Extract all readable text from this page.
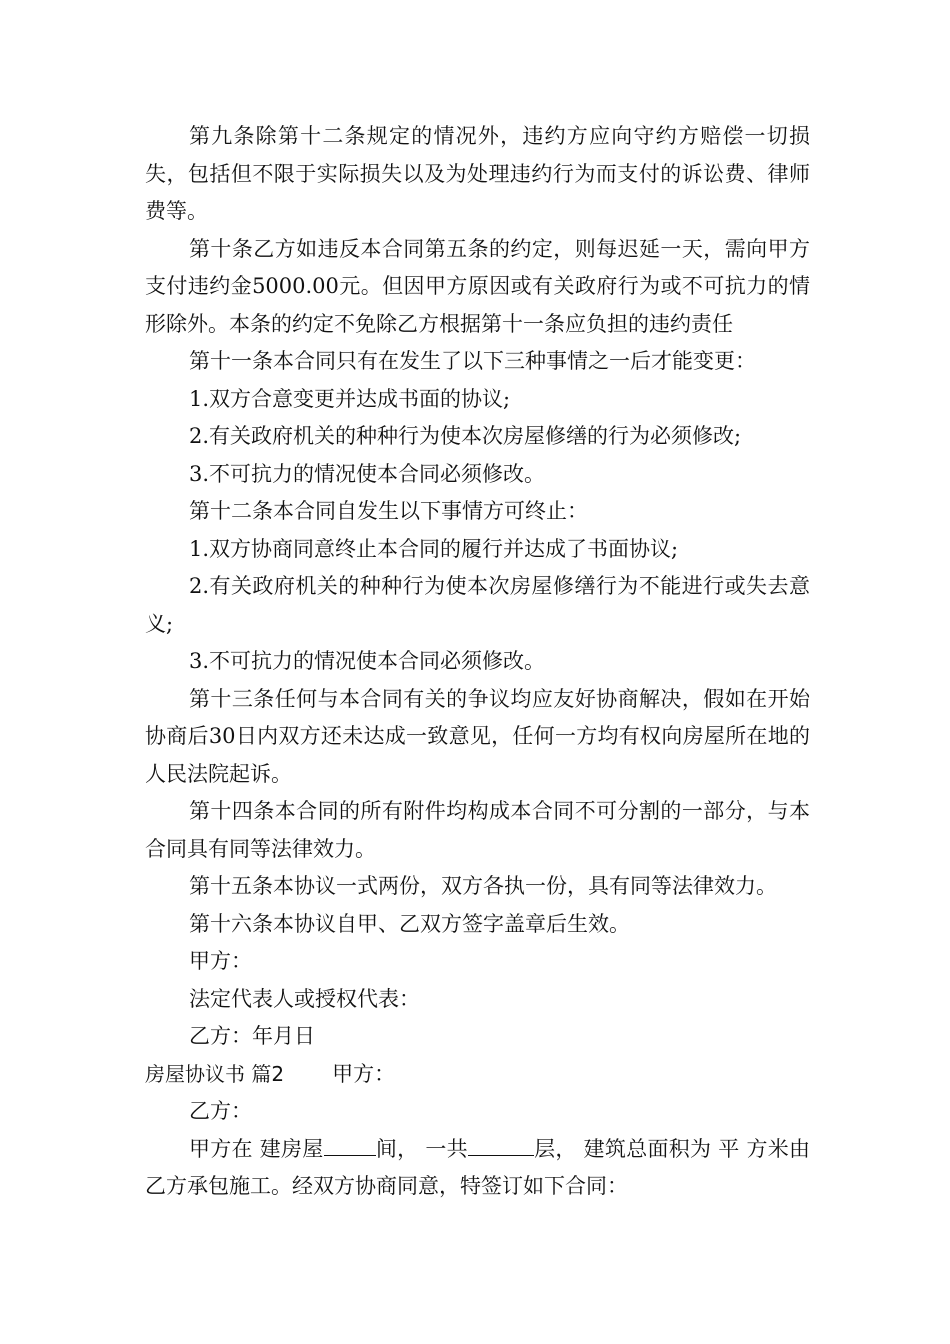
第九条除第十二条规定的情况外，违约方应向守约方赔偿一切损失，包括但不限于实际损失以及为处理违约行为而支付的诉讼费、律师费等。

第十条乙方如违反本合同第五条的约定，则每迟延一天，需向甲方支付违约金5000.00元。但因甲方原因或有关政府行为或不可抗力的情形除外。本条的约定不免除乙方根据第十一条应负担的违约责任

第十一条本合同只有在发生了以下三种事情之一后才能变更：

1.双方合意变更并达成书面的协议;

2.有关政府机关的种种行为使本次房屋修缮的行为必须修改;

3.不可抗力的情况使本合同必须修改。

第十二条本合同自发生以下事情方可终止：

1.双方协商同意终止本合同的履行并达成了书面协议;

2.有关政府机关的种种行为使本次房屋修缮行为不能进行或失去意义;

3.不可抗力的情况使本合同必须修改。

第十三条任何与本合同有关的争议均应友好协商解决，假如在开始协商后30日内双方还未达成一致意见，任何一方均有权向房屋所在地的人民法院起诉。

第十四条本合同的所有附件均构成本合同不可分割的一部分，与本合同具有同等法律效力。

第十五条本协议一式两份，双方各执一份，具有同等法律效力。

第十六条本协议自甲、乙双方签字盖章后生效。

甲方：

法定代表人或授权代表：

乙方：年月日

房屋协议书 篇2 甲方：

乙方：

甲方在 建房屋 间， 一共	层， 建筑总面积为 平 方米由乙方承包施工。经双方协商同意，特签订如下合同：
